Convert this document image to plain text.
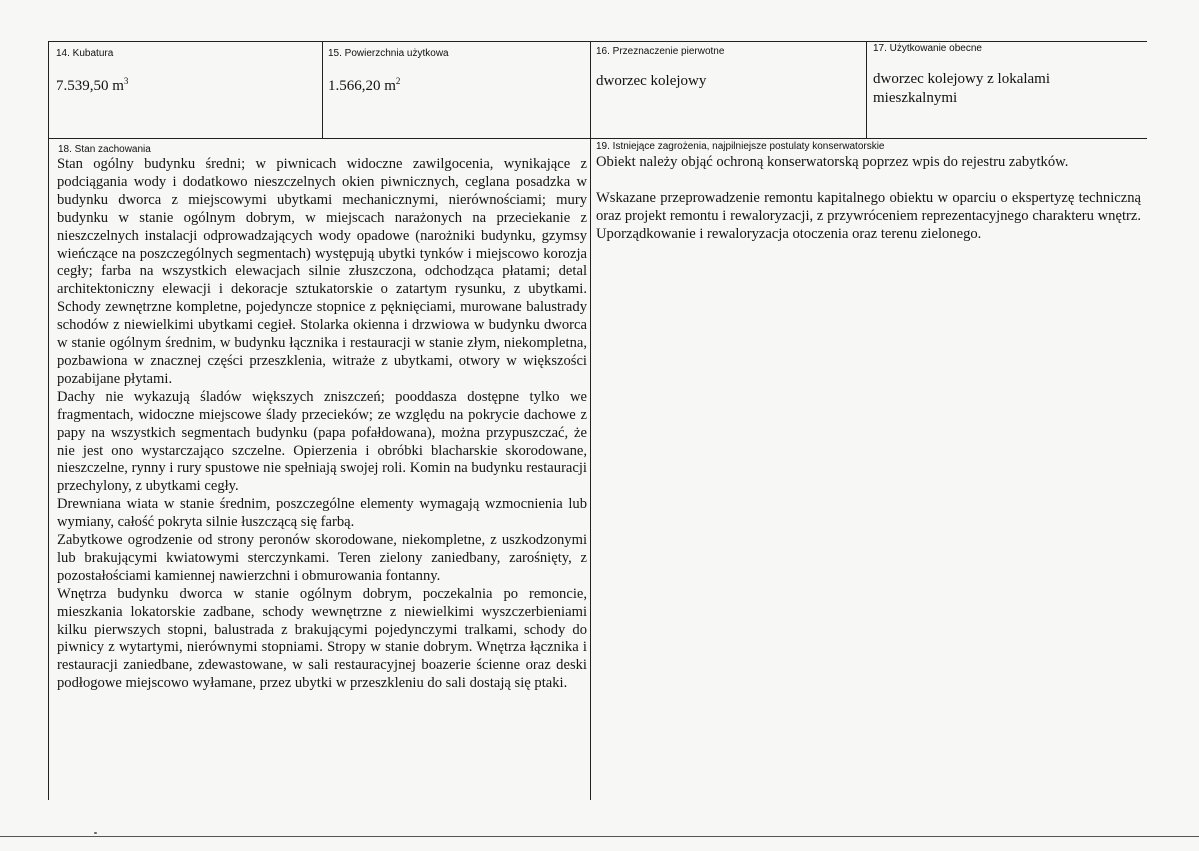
14. Kubatura
7.539,50 $m^3$
15. Powierzchnia użytkowa
1.566,20 $m^2$
16. Przeznaczenie pierwotne
dworzec kolejowy
17. Użytkowanie obecne
dworzec kolejowy z lokalami mieszkalnymi
18. Stan zachowania

Stan ogólny budynku średni; w piwnicach widoczne zawilgocenia, wynikające z podciągania wody i dodatkowo nieszczelnych okien piwnicznych, ceglana posadzka w budynku dworca z miejscowymi ubytkami mechanicznymi, nierównościami; mury budynku w stanie ogólnym dobrym, w miejscach narażonych na przeciekanie z nieszczelnych instalacji odprowadzających wody opadowe (narożniki budynku, gzymsy wieńczące na poszczególnych segmentach) występują ubytki tynków i miejscowo korozja cegły; farba na wszystkich elewacjach silnie złuszczona, odchodząca płatami; detal architektoniczny elewacji i dekoracje sztukatorskie o zatartym rysunku, z ubytkami. Schody zewnętrzne kompletne, pojedyncze stopnice z pęknięciami, murowane balustrady schodów z niewielkimi ubytkami cegieł. Stolarka okienna i drzwiowa w budynku dworca w stanie ogólnym średnim, w budynku łącznika i restauracji w stanie złym, niekompletna, pozbawiona w znacznej części przeszklenia, witraże z ubytkami, otwory w większości pozabijane płytami.

Dachy nie wykazują śladów większych zniszczeń; pooddasza dostępne tylko we fragmentach, widoczne miejscowe ślady przecieków; ze względu na pokrycie dachowe z papy na wszystkich segmentach budynku (papa pofałdowana), można przypuszczać, że nie jest ono wystarczająco szczelne. Opierzenia i obróbki blacharskie skorodowane, nieszczelne, rynny i rury spustowe nie spełniają swojej roli. Komin na budynku restauracji przechylony, z ubytkami cegły.

Drewniana wiata w stanie średnim, poszczególne elementy wymagają wzmocnienia lub wymiany, całość pokryta silnie łuszczącą się farbą.

Zabytkowe ogrodzenie od strony peronów skorodowane, niekompletne, z uszkodzonymi lub brakującymi kwiatowymi sterczynkami. Teren zielony zaniedbany, zarośnięty, z pozostałościami kamiennej nawierzchni i obmurowania fontanny.

Wnętrza budynku dworca w stanie ogólnym dobrym, poczekalnia po remoncie, mieszkania lokatorskie zadbane, schody wewnętrzne z niewielkimi wyszczerbieniami kilku pierwszych stopni, balustrada z brakującymi pojedynczymi tralkami, schody do piwnicy z wytartymi, nierównymi stopniami. Stropy w stanie dobrym. Wnętrza łącznika i restauracji zaniedbane, zdewastowane, w sali restauracyjnej boazerie ścienne oraz deski podłogowe miejscowo wyłamane, przez ubytki w przeszkleniu do sali dostają się ptaki.

19. Istniejące zagrożenia, najpilniejsze postulaty konserwatorskie

Obiekt należy objąć ochroną konserwatorską poprzez wpis do rejestru zabytków.

Wskazane przeprowadzenie remontu kapitalnego obiektu w oparciu o ekspertyzę techniczną oraz projekt remontu i rewaloryzacji, z przywróceniem reprezentacyjnego charakteru wnętrz. Uporządkowanie i rewaloryzacja otoczenia oraz terenu zielonego.
